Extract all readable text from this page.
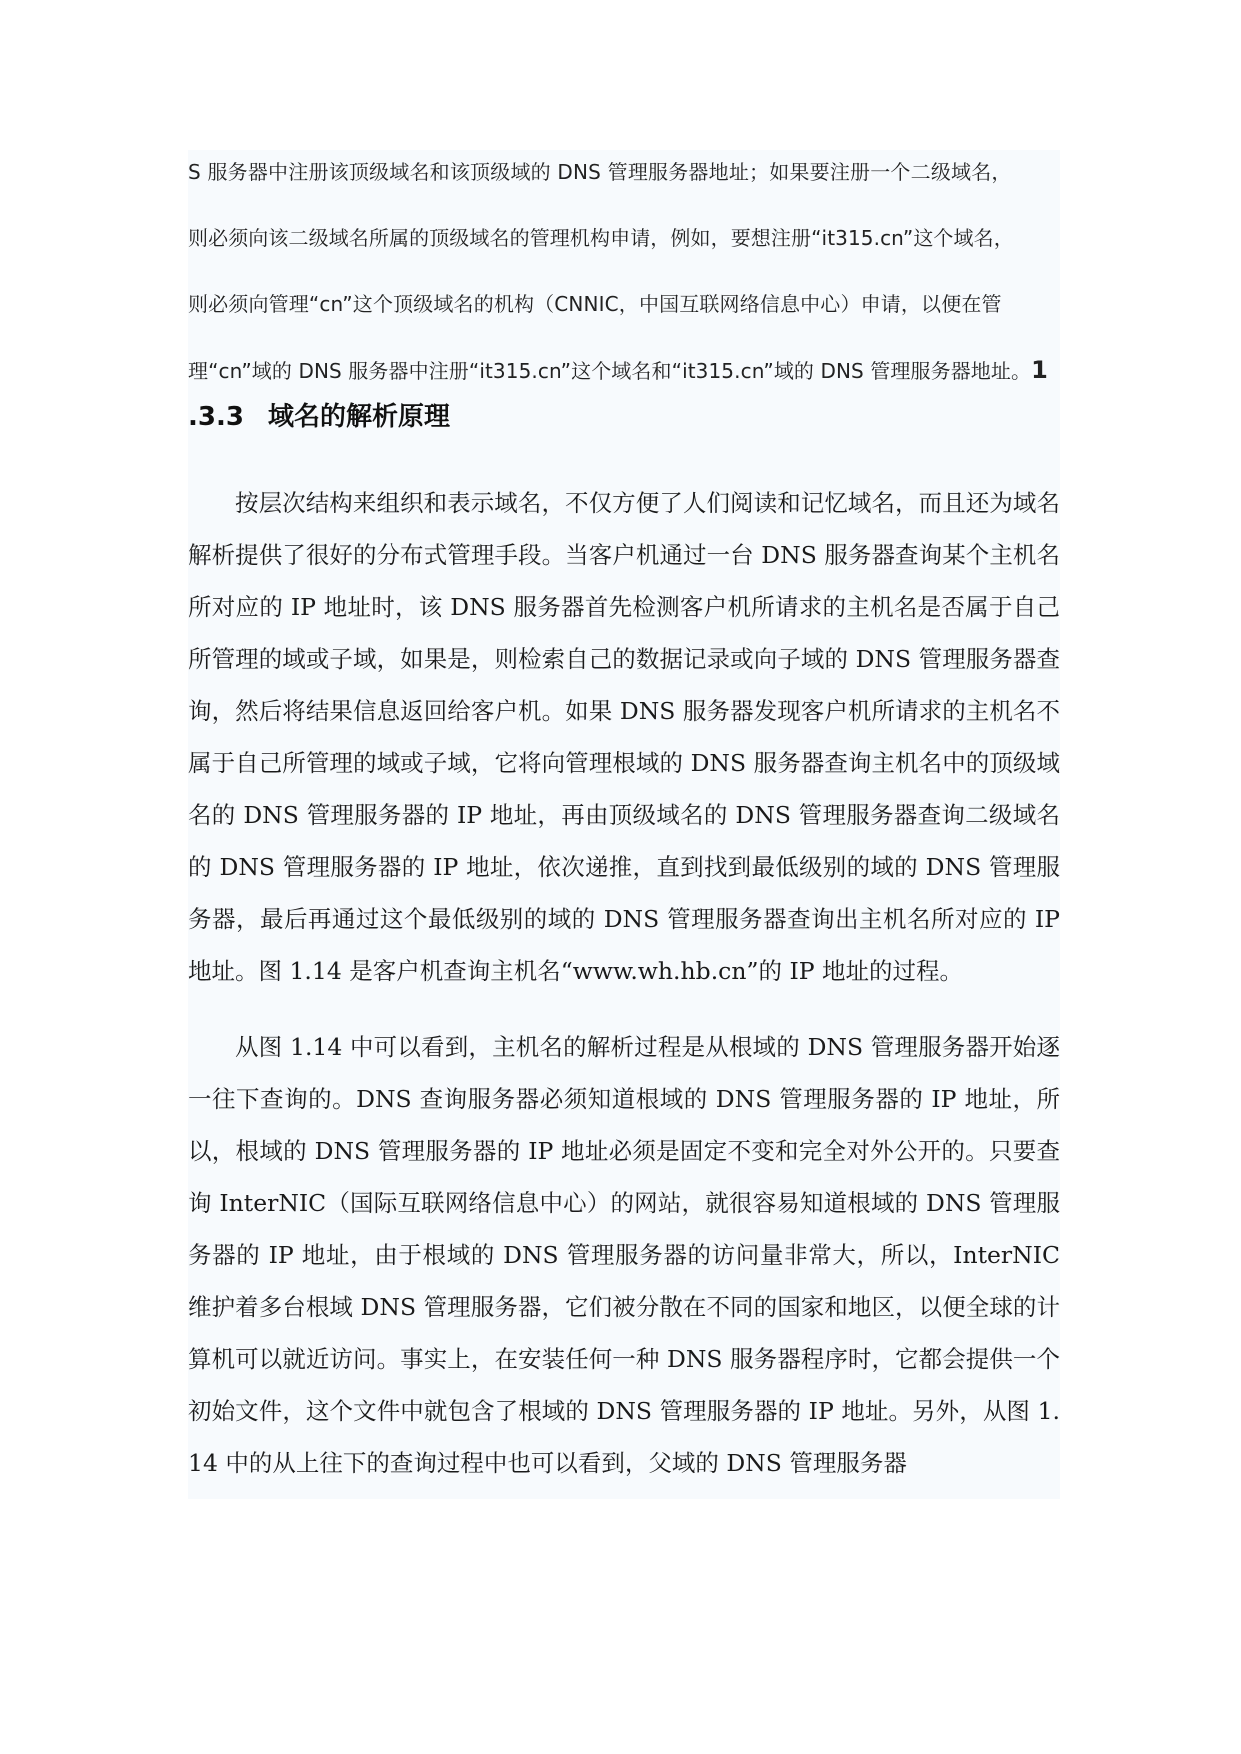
S 服务器中注册该顶级域名和该顶级域的 DNS 管理服务器地址；如果要注册一个二级域名，
则必须向该二级域名所属的顶级域名的管理机构申请，例如，要想注册“it315.cn”这个域名，
则必须向管理“cn”这个顶级域名的机构（CNNIC，中国互联网络信息中心）申请，以便在管
理“cn”域的 DNS 服务器中注册“it315.cn”这个域名和“it315.cn”域的 DNS 管理服务器地址。1
.3.3 域名的解析原理

按层次结构来组织和表示域名，不仅方便了人们阅读和记忆域名，而且还为域名解析提供了很好的分布式管理手段。当客户机通过一台 DNS 服务器查询某个主机名所对应的 IP 地址时，该 DNS 服务器首先检测客户机所请求的主机名是否属于自己所管理的域或子域，如果是，则检索自己的数据记录或向子域的 DNS 管理服务器查询，然后将结果信息返回给客户机。如果 DNS 服务器发现客户机所请求的主机名不属于自己所管理的域或子域，它将向管理根域的 DNS 服务器查询主机名中的顶级域名的 DNS 管理服务器的 IP 地址，再由顶级域名的 DNS 管理服务器查询二级域名的 DNS 管理服务器的 IP 地址，依次递推，直到找到最低级别的域的 DNS 管理服务器，最后再通过这个最低级别的域的 DNS 管理服务器查询出主机名所对应的 IP 地址。图 1.14 是客户机查询主机名“www.wh.hb.cn”的 IP 地址的过程。

从图 1.14 中可以看到，主机名的解析过程是从根域的 DNS 管理服务器开始逐一往下查询的。DNS 查询服务器必须知道根域的 DNS 管理服务器的 IP 地址，所以，根域的 DNS 管理服务器的 IP 地址必须是固定不变和完全对外公开的。只要查询 InterNIC（国际互联网络信息中心）的网站，就很容易知道根域的 DNS 管理服务器的 IP 地址，由于根域的 DNS 管理服务器的访问量非常大，所以，InterNIC 维护着多台根域 DNS 管理服务器，它们被分散在不同的国家和地区，以便全球的计算机可以就近访问。事实上，在安装任何一种 DNS 服务器程序时，它都会提供一个初始文件，这个文件中就包含了根域的 DNS 管理服务器的 IP 地址。另外，从图 1.14 中的从上往下的查询过程中也可以看到，父域的 DNS 管理服务器
